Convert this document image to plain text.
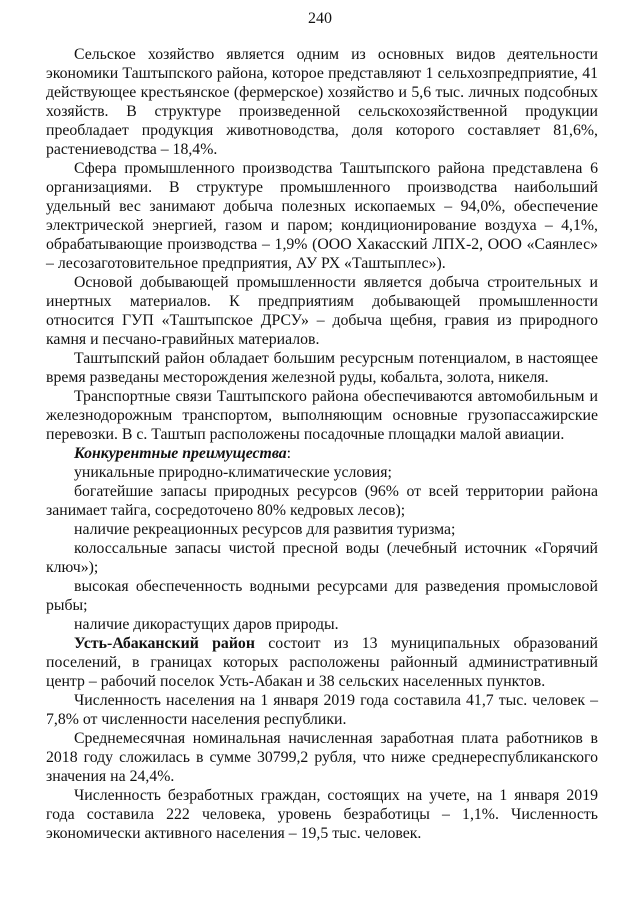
240

Сельское хозяйство является одним из основных видов деятельности экономики Таштыпского района, которое представляют 1 сельхозпредприятие, 41 действующее крестьянское (фермерское) хозяйство и 5,6 тыс. личных подсобных хозяйств. В структуре произведенной сельскохозяйственной продукции преобладает продукция животноводства, доля которого составляет 81,6%, растениеводства – 18,4%.

Сфера промышленного производства Таштыпского района представлена 6 организациями. В структуре промышленного производства наибольший удельный вес занимают добыча полезных ископаемых – 94,0%, обеспечение электрической энергией, газом и паром; кондиционирование воздуха – 4,1%, обрабатывающие производства – 1,9% (ООО Хакасский ЛПХ-2, ООО «Саянлес» – лесозаготовительное предприятия, АУ РХ «Таштыплес»).

Основой добывающей промышленности является добыча строительных и инертных материалов. К предприятиям добывающей промышленности относится ГУП «Таштыпское ДРСУ» – добыча щебня, гравия из природного камня и песчано-гравийных материалов.

Таштыпский район обладает большим ресурсным потенциалом, в настоящее время разведаны месторождения железной руды, кобальта, золота, никеля.

Транспортные связи Таштыпского района обеспечиваются автомобильным и железнодорожным транспортом, выполняющим основные грузопассажирские перевозки. В с. Таштып расположены посадочные площадки малой авиации.

Конкурентные преимущества:

уникальные природно-климатические условия;

богатейшие запасы природных ресурсов (96% от всей территории района занимает тайга, сосредоточено 80% кедровых лесов);

наличие рекреационных ресурсов для развития туризма;

колоссальные запасы чистой пресной воды (лечебный источник «Горячий ключ»);

высокая обеспеченность водными ресурсами для разведения промысловой рыбы;

наличие дикорастущих даров природы.

Усть-Абаканский район состоит из 13 муниципальных образований поселений, в границах которых расположены районный административный центр – рабочий поселок Усть-Абакан и 38 сельских населенных пунктов.

Численность населения на 1 января 2019 года составила 41,7 тыс. человек – 7,8% от численности населения республики.

Среднемесячная номинальная начисленная заработная плата работников в 2018 году сложилась в сумме 30799,2 рубля, что ниже среднереспубликанского значения на 24,4%.

Численность безработных граждан, состоящих на учете, на 1 января 2019 года составила 222 человека, уровень безработицы – 1,1%. Численность экономически активного населения – 19,5 тыс. человек.
